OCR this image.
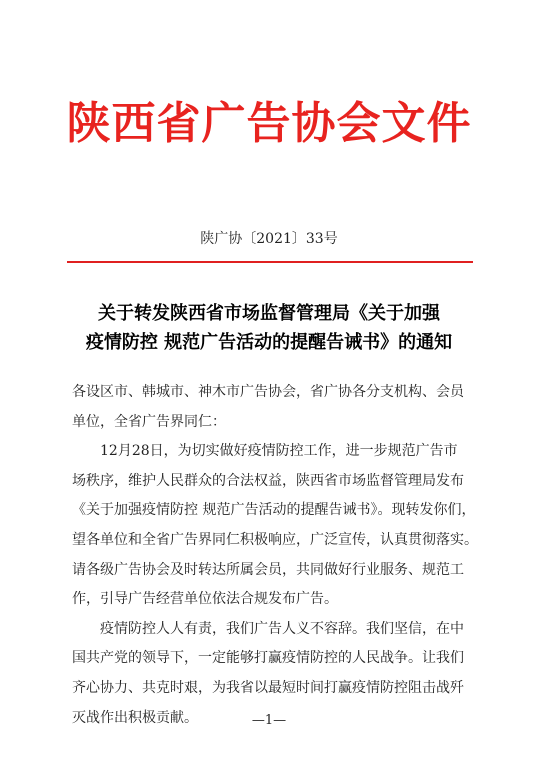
陕西省广告协会文件
陕广协〔2021〕33号
关于转发陕西省市场监督管理局《关于加强
疫情防控 规范广告活动的提醒告诫书》的通知
各设区市、韩城市、神木市广告协会，省广协各分支机构、会员
单位，全省广告界同仁：
12月28日，为切实做好疫情防控工作，进一步规范广告市
场秩序，维护人民群众的合法权益，陕西省市场监督管理局发布
《关于加强疫情防控 规范广告活动的提醒告诫书》。现转发你们，
望各单位和全省广告界同仁积极响应，广泛宣传，认真贯彻落实。
请各级广告协会及时转达所属会员，共同做好行业服务、规范工
作，引导广告经营单位依法合规发布广告。
疫情防控人人有责，我们广告人义不容辞。我们坚信，在中
国共产党的领导下，一定能够打赢疫情防控的人民战争。让我们
齐心协力、共克时艰，为我省以最短时间打赢疫情防控阻击战歼
灭战作出积极贡献。	—1—
